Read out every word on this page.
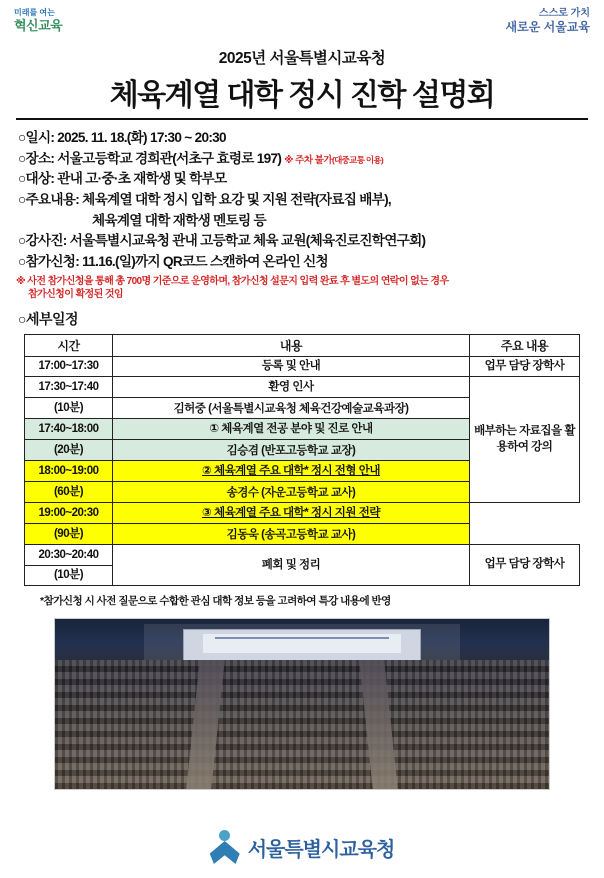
미래를 여는
혁신교육
스스로 가치
새로운 서울교육
2025년 서울특별시교육청
체육계열 대학 정시 진학 설명회
○일시: 2025. 11. 18.(화) 17:30 ~ 20:30
○장소: 서울고등학교 경희관(서초구 효령로 197) ※ 주차 불가(대중교통 이용)
○대상: 관내 고·중·초 재학생 및 학부모
○주요내용: 체육계열 대학 정시 입학 요강 및 지원 전략(자료집 배부),
체육계열 대학 재학생 멘토링 등
○강사진: 서울특별시교육청 관내 고등학교 체육 교원(체육진로진학연구회)
○참가신청: 11.16.(일)까지 QR코드 스캔하여 온라인 신청
※ 사전 참가신청을 통해 총 700명 기준으로 운영하며, 참가신청 설문지 입력 완료 후 별도의 연락이 없는 경우
참가신청이 확정된 것임
○세부일정
시간	내용	주요 내용
17:00~17:30	등록 및 안내	업무 담당 장학사
17:30~17:40	환영 인사	배부하는 자료집을 활용하여 강의

(10분)	김허중 (서울특별시교육청 체육건강예술교육과장)	
17:40~18:00	① 체육계열 전공 분야 및 진로 안내	
(20분)	김승겸 (반포고등학교 교장)	
18:00~19:00	② 체육계열 주요 대학* 정시 전형 안내	
(60분)	송경수 (자운고등학교 교사)	
19:00~20:30	③ 체육계열 주요 대학* 정시 지원 전략	
(90분)	김동욱 (송곡고등학교 교사)	
20:30~20:40	폐회 및 정리	업무 담당 장학사
(10분)		
*참가신청 시 사전 질문으로 수합한 관심 대학 정보 등을 고려하여 특강 내용에 반영
서울특별시교육청
